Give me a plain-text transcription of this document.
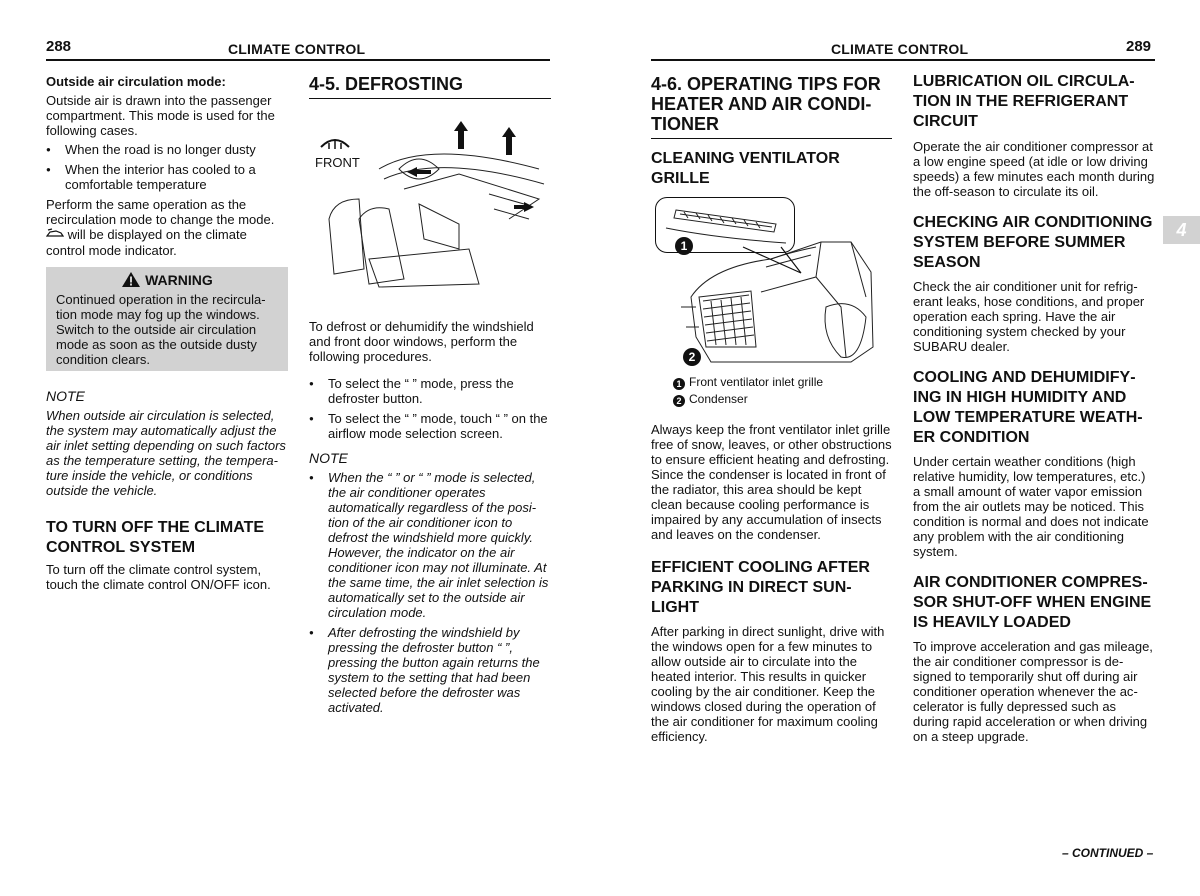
288	CLIMATE CONTROL

Outside air circulation mode:

Outside air is drawn into the passenger compartment. This mode is used for the following cases.

● When the road is no longer dusty
● When the interior has cooled to a comfortable temperature

Perform the same operation as the recirculation mode to change the mode.  will be displayed on the climate control mode indicator.

WARNING

Continued operation in the recirculation mode may fog up the windows. Switch to the outside air circulation mode as soon as the outside dusty condition clears.

NOTE

When outside air circulation is selected, the system may automatically adjust the air inlet setting depending on such factors as the temperature setting, the temperature inside the vehicle, or conditions outside the vehicle.

TO TURN OFF THE CLIMATE CONTROL SYSTEM

To turn off the climate control system, touch the climate control ON/OFF icon.

4-5. DEFROSTING

FRONT

To defrost or dehumidify the windshield and front door windows, perform the following procedures.

● To select the “ ” mode, press the defroster button.
● To select the “ ” mode, touch “ ” on the airflow mode selection screen.

NOTE

● When the “ ” or “ ” mode is selected, the air conditioner operates automatically regardless of the position of the air conditioner icon to defrost the windshield more quickly. However, the indicator on the air conditioner icon may not illuminate. At the same time, the air inlet selection is automatically set to the outside air circulation mode.
● After defrosting the windshield by pressing the defroster button “ ”, pressing the button again returns the system to the setting that had been selected before the defroster was activated.
CLIMATE CONTROL	289
4

4-6. OPERATING TIPS FOR HEATER AND AIR CONDITIONER

CLEANING VENTILATOR GRILLE

1
2
1 Front ventilator inlet grille
2 Condenser

Always keep the front ventilator inlet grille free of snow, leaves, or other obstructions to ensure efficient heating and defrosting. Since the condenser is located in front of the radiator, this area should be kept clean because cooling performance is impaired by any accumulation of insects and leaves on the condenser.

EFFICIENT COOLING AFTER PARKING IN DIRECT SUNLIGHT

After parking in direct sunlight, drive with the windows open for a few minutes to allow outside air to circulate into the heated interior. This results in quicker cooling by the air conditioner. Keep the windows closed during the operation of the air conditioner for maximum cooling efficiency.

LUBRICATION OIL CIRCULATION IN THE REFRIGERANT CIRCUIT

Operate the air conditioner compressor at a low engine speed (at idle or low driving speeds) a few minutes each month during the off-season to circulate its oil.

CHECKING AIR CONDITIONING SYSTEM BEFORE SUMMER SEASON

Check the air conditioner unit for refrigerant leaks, hose conditions, and proper operation each spring. Have the air conditioning system checked by your SUBARU dealer.

COOLING AND DEHUMIDIFYING IN HIGH HUMIDITY AND LOW TEMPERATURE WEATHER CONDITION

Under certain weather conditions (high relative humidity, low temperatures, etc.) a small amount of water vapor emission from the air outlets may be noticed. This condition is normal and does not indicate any problem with the air conditioning system.

AIR CONDITIONER COMPRESSOR SHUT-OFF WHEN ENGINE IS HEAVILY LOADED

To improve acceleration and gas mileage, the air conditioner compressor is designed to temporarily shut off during air conditioner operation whenever the accelerator is fully depressed such as during rapid acceleration or when driving on a steep upgrade.

– CONTINUED –
